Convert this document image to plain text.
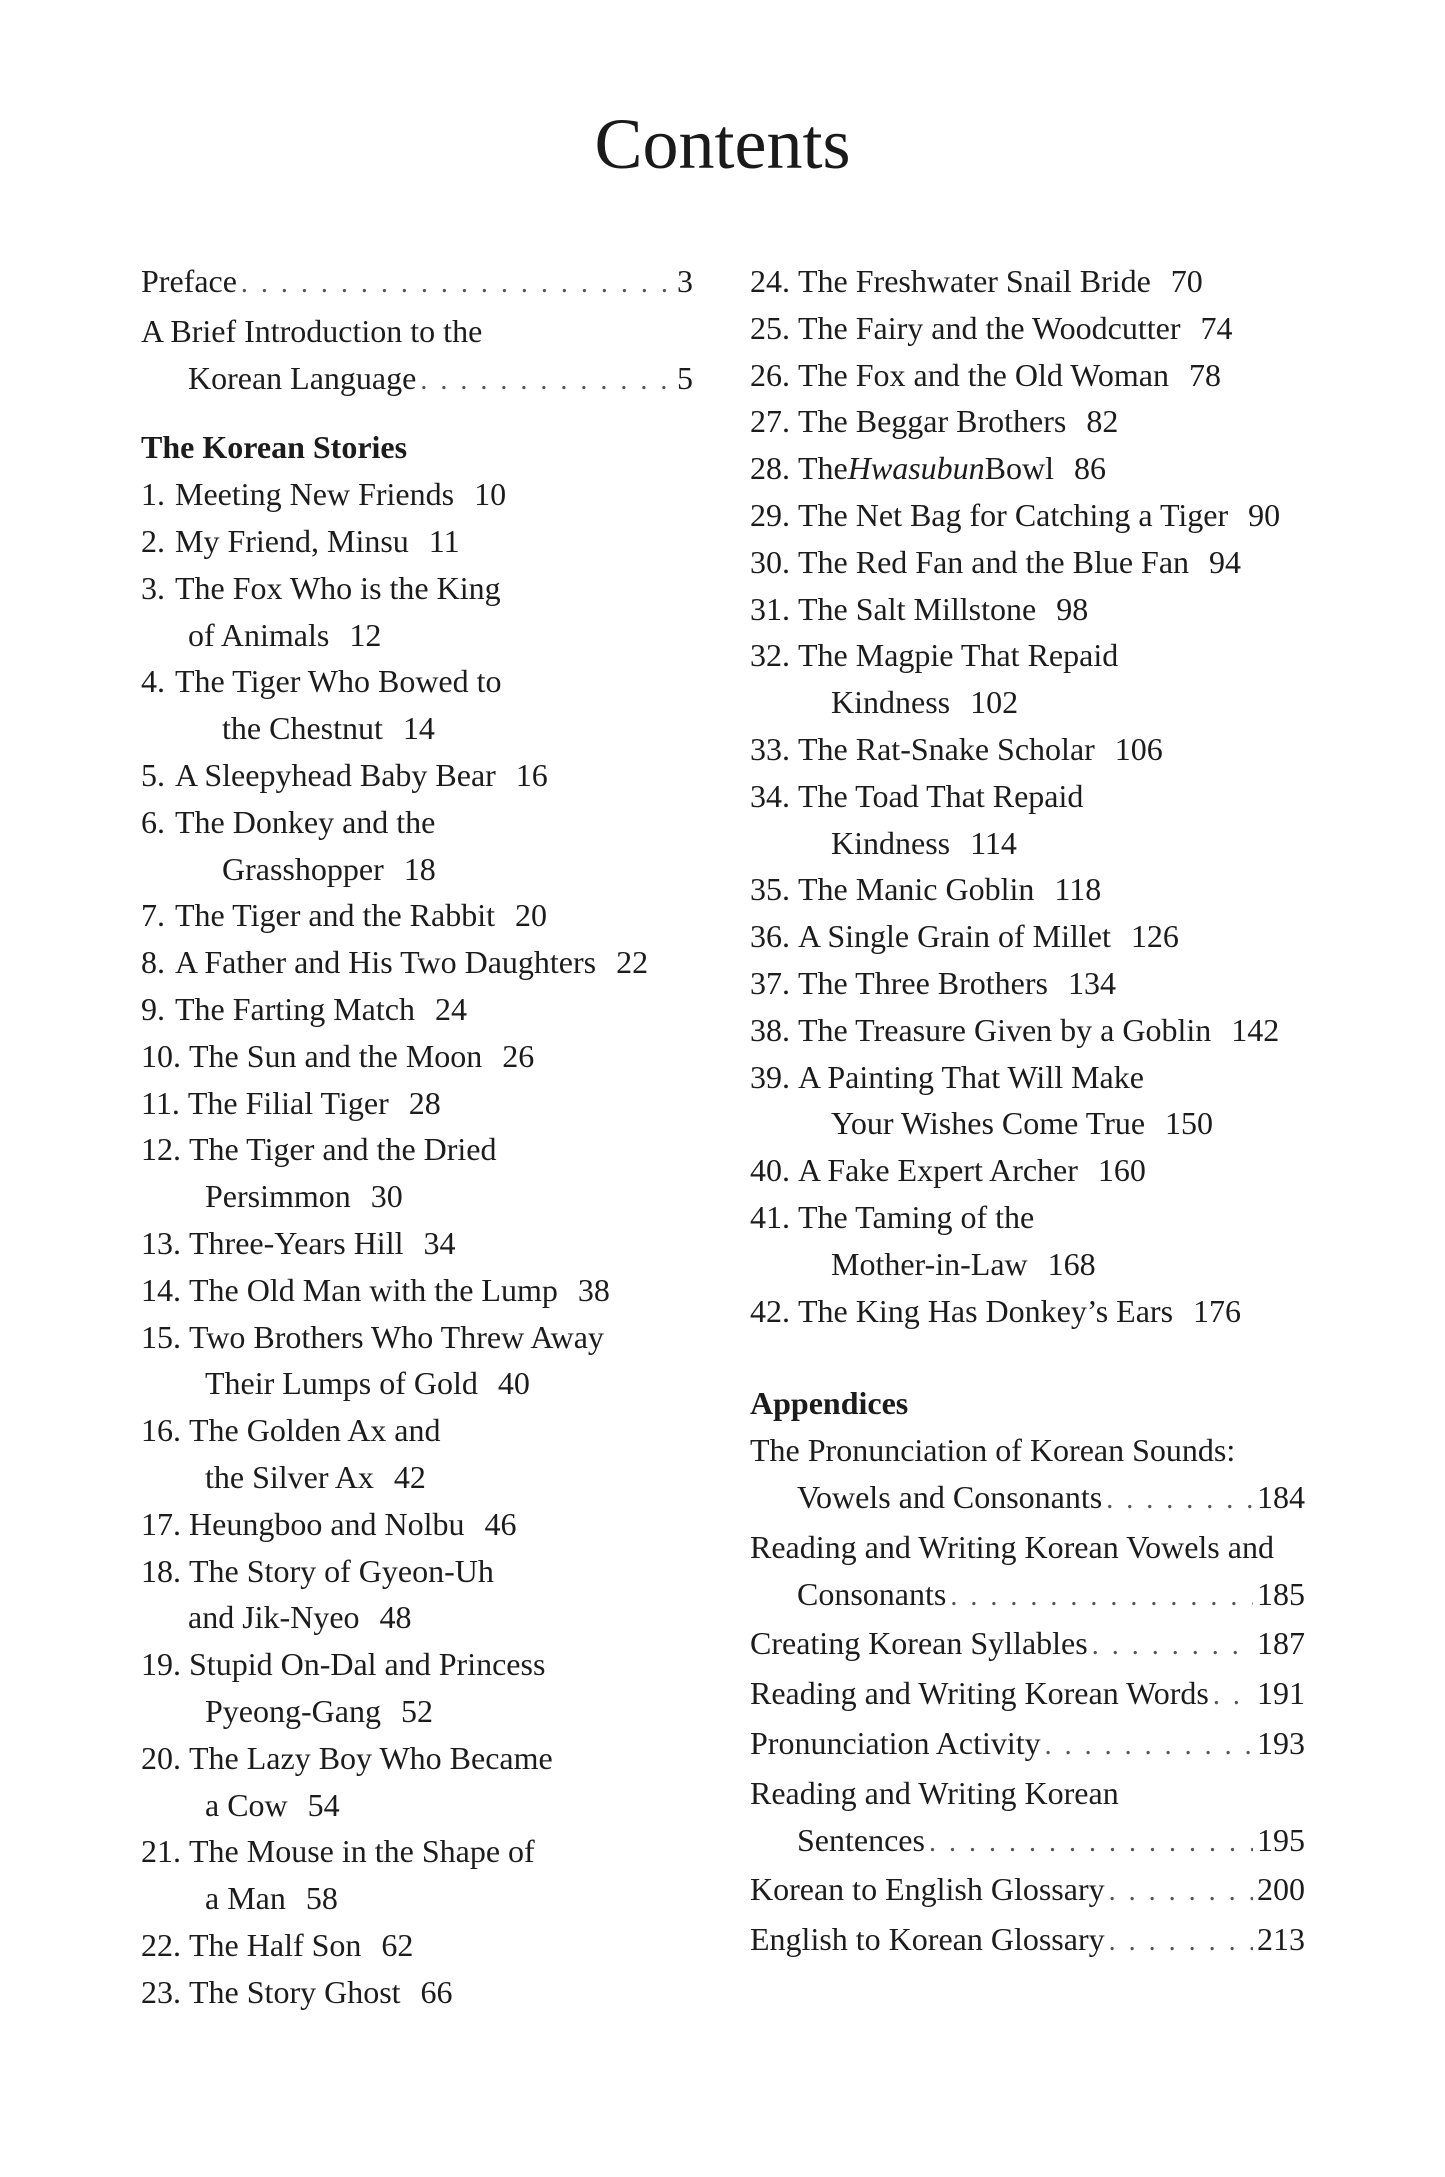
Contents
Preface . . .	3
A Brief Introduction to the
Korean Language . . .	5
The Korean Stories
1. Meeting New Friends 10
2. My Friend, Minsu 11
3. The Fox Who is the King
of Animals 12
4. The Tiger Who Bowed to
the Chestnut 14
5. A Sleepyhead Baby Bear 16
6. The Donkey and the
Grasshopper 18
7. The Tiger and the Rabbit 20
8. A Father and His Two Daughters 22
9. The Farting Match 24
10. The Sun and the Moon 26
11. The Filial Tiger 28
12. The Tiger and the Dried
Persimmon 30
13. Three-Years Hill 34
14. The Old Man with the Lump 38
15. Two Brothers Who Threw Away
Their Lumps of Gold 40
16. The Golden Ax and
the Silver Ax 42
17. Heungboo and Nolbu 46
18. The Story of Gyeon-Uh
and Jik-Nyeo 48
19. Stupid On-Dal and Princess
Pyeong-Gang 52
20. The Lazy Boy Who Became
a Cow 54
21. The Mouse in the Shape of
a Man 58
22. The Half Son 62
23. The Story Ghost 66
24. The Freshwater Snail Bride 70
25. The Fairy and the Woodcutter 74
26. The Fox and the Old Woman 78
27. The Beggar Brothers 82
28. The Hwasubun Bowl 86
29. The Net Bag for Catching a Tiger 90
30. The Red Fan and the Blue Fan 94
31. The Salt Millstone 98
32. The Magpie That Repaid
Kindness 102
33. The Rat-Snake Scholar 106
34. The Toad That Repaid
Kindness 114
35. The Manic Goblin 118
36. A Single Grain of Millet 126
37. The Three Brothers 134
38. The Treasure Given by a Goblin 142
39. A Painting That Will Make
Your Wishes Come True 150
40. A Fake Expert Archer 160
41. The Taming of the
Mother-in-Law 168
42. The King Has Donkey’s Ears 176
Appendices
The Pronunciation of Korean Sounds:
Vowels and Consonants . . .	184
Reading and Writing Korean Vowels and
Consonants . . .	185
Creating Korean Syllables . . .	187
Reading and Writing Korean Words . . . 191
Pronunciation Activity . . .	193
Reading and Writing Korean
Sentences . . .	195
Korean to English Glossary . . .	200
English to Korean Glossary . . .	213
